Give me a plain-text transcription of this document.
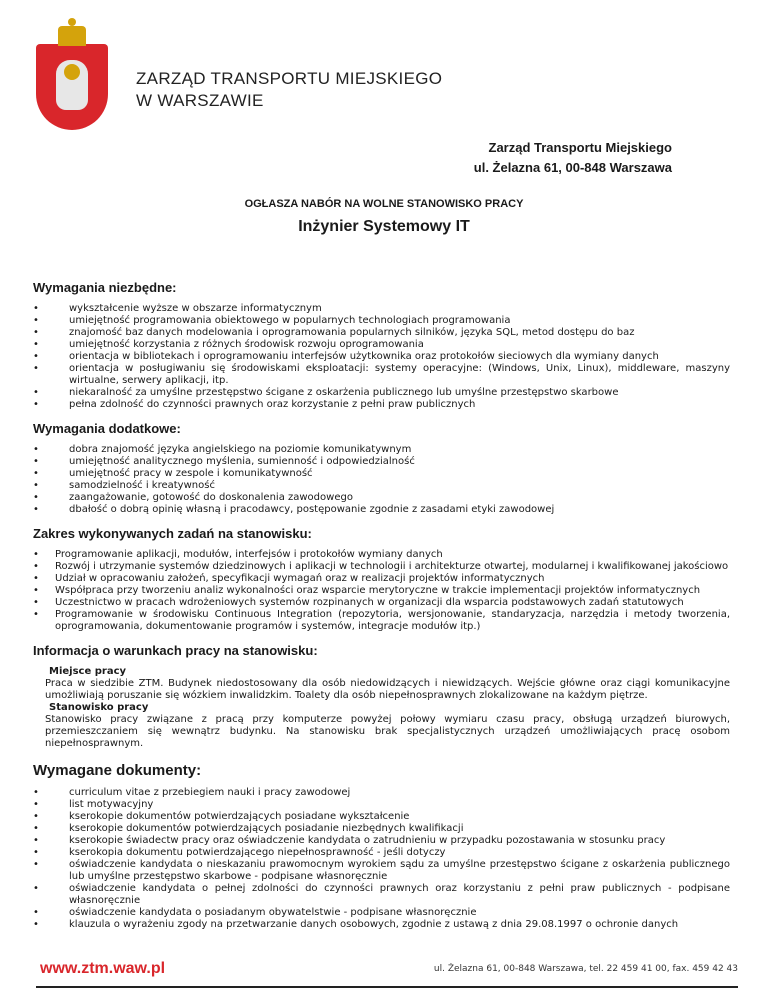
ZARZĄD TRANSPORTU MIEJSKIEGO
W WARSZAWIE
Zarząd Transportu Miejskiego
ul. Żelazna 61, 00-848 Warszawa
OGŁASZA NABÓR NA WOLNE STANOWISKO PRACY
Inżynier Systemowy IT
Wymagania niezbędne:
• wykształcenie wyższe w obszarze informatycznym
• umiejętność programowania obiektowego w popularnych technologiach programowania
• znajomość baz danych modelowania i oprogramowania popularnych silników, języka SQL, metod dostępu do baz
• umiejętność korzystania z różnych środowisk rozwoju oprogramowania
• orientacja w bibliotekach i oprogramowaniu interfejsów użytkownika oraz protokołów sieciowych dla wymiany danych
• orientacja w posługiwaniu się środowiskami eksploatacji: systemy operacyjne: (Windows, Unix, Linux), middleware, maszyny wirtualne, serwery aplikacji, itp.
• niekaralność za umyślne przestępstwo ścigane z oskarżenia publicznego lub umyślne przestępstwo skarbowe
• pełna zdolność do czynności prawnych oraz korzystanie z pełni praw publicznych
Wymagania dodatkowe:
• dobra znajomość języka angielskiego na poziomie komunikatywnym
• umiejętność analitycznego myślenia, sumienność i odpowiedzialność
• umiejętność pracy w zespole i komunikatywność
• samodzielność i kreatywność
• zaangażowanie, gotowość do doskonalenia zawodowego
• dbałość o dobrą opinię własną i pracodawcy, postępowanie zgodnie z zasadami etyki zawodowej
Zakres wykonywanych zadań na stanowisku:
• Programowanie aplikacji, modułów, interfejsów i protokołów wymiany danych
• Rozwój i utrzymanie systemów dziedzinowych i aplikacji w technologii i architekturze otwartej, modularnej i kwalifikowanej jakościowo
• Udział w opracowaniu założeń, specyfikacji wymagań oraz w realizacji projektów informatycznych
• Współpraca przy tworzeniu analiz wykonalności oraz wsparcie merytoryczne w trakcie implementacji projektów informatycznych
• Uczestnictwo w pracach wdrożeniowych systemów rozpinanych w organizacji dla wsparcia podstawowych zadań statutowych
• Programowanie w środowisku Continuous Integration (repozytoria, wersjonowanie, standaryzacja, narzędzia i metody tworzenia, oprogramowania, dokumentowanie programów i systemów, integracje modułów itp.)
Informacja o warunkach pracy na stanowisku:
Miejsce pracy
Praca w siedzibie ZTM. Budynek niedostosowany dla osób niedowidzących i niewidzących. Wejście główne oraz ciągi komunikacyjne umożliwiają poruszanie się wózkiem inwalidzkim. Toalety dla osób niepełnosprawnych zlokalizowane na każdym piętrze.
Stanowisko pracy
Stanowisko pracy związane z pracą przy komputerze powyżej połowy wymiaru czasu pracy, obsługą urządzeń biurowych, przemieszczaniem się wewnątrz budynku. Na stanowisku brak specjalistycznych urządzeń umożliwiających pracę osobom niepełnosprawnym.
Wymagane dokumenty:
• curriculum vitae z przebiegiem nauki i pracy zawodowej
• list motywacyjny
• kserokopie dokumentów potwierdzających posiadane wykształcenie
• kserokopie dokumentów potwierdzających posiadanie niezbędnych kwalifikacji
• kserokopie świadectw pracy oraz oświadczenie kandydata o zatrudnieniu w przypadku pozostawania w stosunku pracy
• kserokopia dokumentu potwierdzającego niepełnosprawność - jeśli dotyczy
• oświadczenie kandydata o nieskazaniu prawomocnym wyrokiem sądu za umyślne przestępstwo ścigane z oskarżenia publicznego lub umyślne przestępstwo skarbowe - podpisane własnoręcznie
• oświadczenie kandydata o pełnej zdolności do czynności prawnych oraz korzystaniu z pełni praw publicznych - podpisane własnoręcznie
• oświadczenie kandydata o posiadanym obywatelstwie - podpisane własnoręcznie
• klauzula o wyrażeniu zgody na przetwarzanie danych osobowych, zgodnie z ustawą z dnia 29.08.1997 o ochronie danych
www.ztm.waw.pl	ul. Żelazna 61, 00-848 Warszawa, tel. 22 459 41 00, fax. 459 42 43
